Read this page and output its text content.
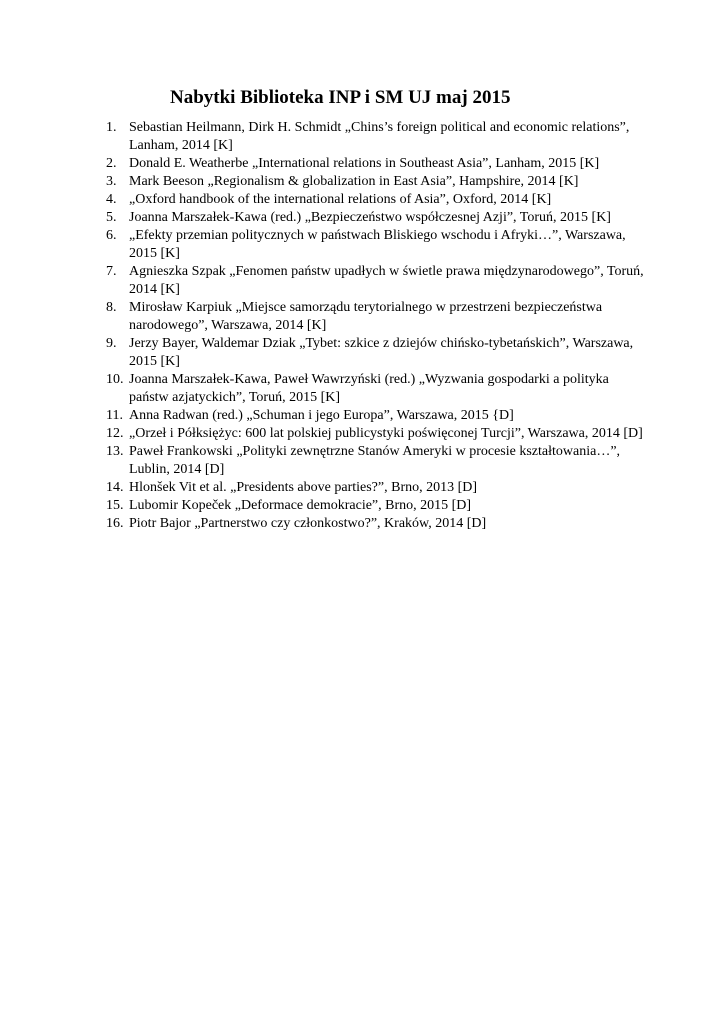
Nabytki Biblioteka INP i SM UJ maj 2015
1. Sebastian Heilmann, Dirk H. Schmidt „Chins’s foreign political and economic relations”, Lanham, 2014 [K]
2. Donald E. Weatherbe „International relations in Southeast Asia”, Lanham, 2015 [K]
3. Mark Beeson „Regionalism & globalization in East Asia”, Hampshire, 2014 [K]
4. „Oxford handbook of the international relations of Asia”, Oxford, 2014 [K]
5. Joanna Marszałek-Kawa (red.) „Bezpieczeństwo współczesnej Azji”, Toruń, 2015 [K]
6. „Efekty przemian politycznych w państwach Bliskiego wschodu i Afryki…”, Warszawa, 2015 [K]
7. Agnieszka Szpak „Fenomen państw upadłych w świetle prawa międzynarodowego”, Toruń, 2014 [K]
8. Mirosław Karpiuk „Miejsce samorządu terytorialnego w przestrzeni bezpieczeństwa narodowego”, Warszawa, 2014 [K]
9. Jerzy Bayer, Waldemar Dziak „Tybet: szkice z dziejów chińsko-tybetańskich”, Warszawa, 2015 [K]
10. Joanna Marszałek-Kawa, Paweł Wawrzyński (red.) „Wyzwania gospodarki a polityka państw azjatyckich”, Toruń, 2015 [K]
11. Anna Radwan (red.) „Schuman i jego Europa”, Warszawa, 2015 {D]
12. „Orzeł i Półksiężyc: 600 lat polskiej publicystyki poświęconej Turcji”, Warszawa, 2014 [D]
13. Paweł Frankowski „Polityki zewnętrzne Stanów Ameryki w procesie kształtowania…”, Lublin, 2014 [D]
14. Hlonšek Vit et al. „Presidents above parties?”, Brno, 2013 [D]
15. Lubomir Kopeček „Deformace demokracie”, Brno, 2015 [D]
16. Piotr Bajor „Partnerstwo czy członkostwo?”, Kraków, 2014 [D]
